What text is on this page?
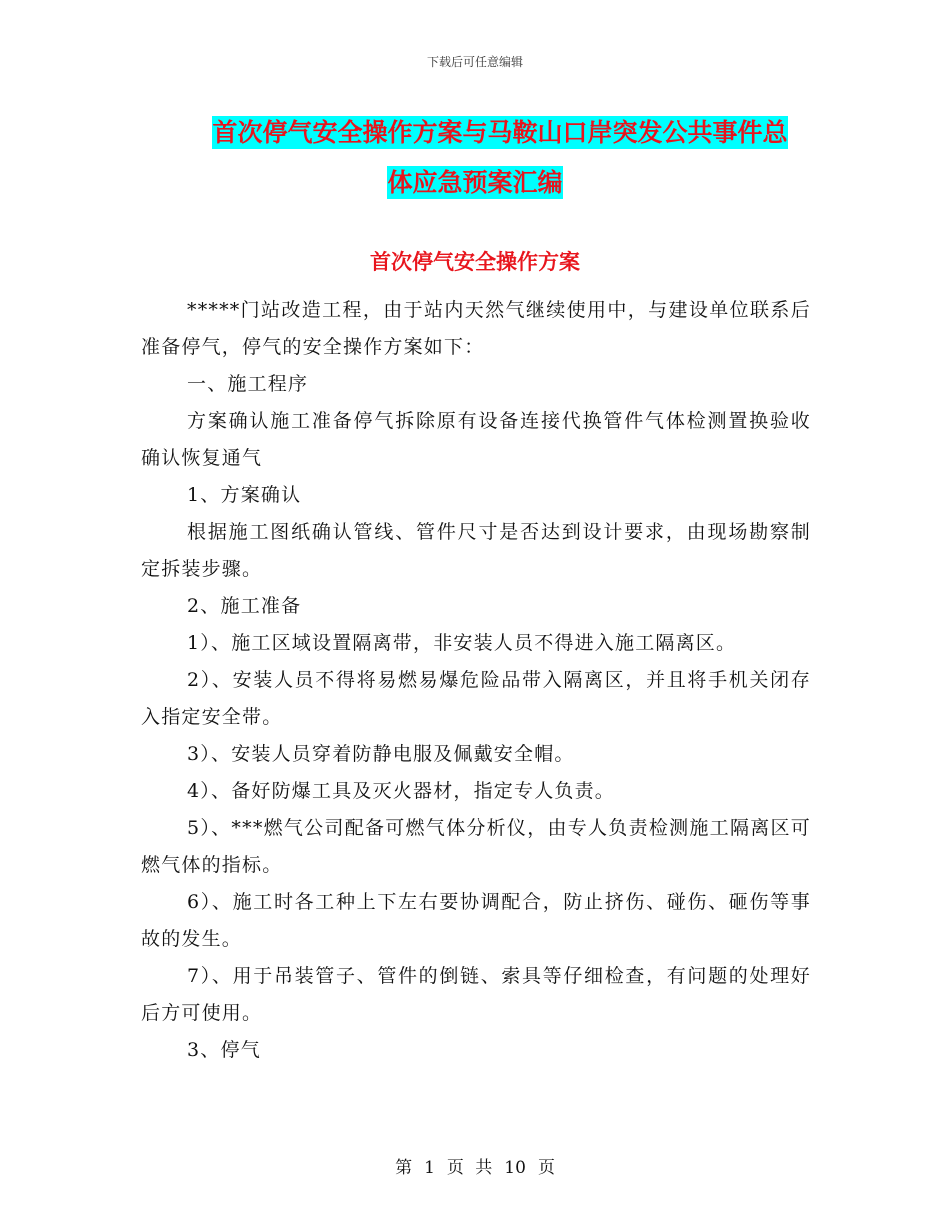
下载后可任意编辑
首次停气安全操作方案与马鞍山口岸突发公共事件总
体应急预案汇编
首次停气安全操作方案

*****门站改造工程，由于站内天然气继续使用中，与建设单位联系后准备停气，停气的安全操作方案如下：

一、施工程序

方案确认施工准备停气拆除原有设备连接代换管件气体检测置换验收确认恢复通气

1、方案确认

根据施工图纸确认管线、管件尺寸是否达到设计要求，由现场勘察制定拆装步骤。

2、施工准备

1）、施工区域设置隔离带，非安装人员不得进入施工隔离区。

2）、安装人员不得将易燃易爆危险品带入隔离区，并且将手机关闭存入指定安全带。

3）、安装人员穿着防静电服及佩戴安全帽。

4）、备好防爆工具及灭火器材，指定专人负责。

5）、***燃气公司配备可燃气体分析仪，由专人负责检测施工隔离区可燃气体的指标。

6）、施工时各工种上下左右要协调配合，防止挤伤、碰伤、砸伤等事故的发生。

7）、用于吊装管子、管件的倒链、索具等仔细检查，有问题的处理好后方可使用。

3、停气

第 1 页 共 10 页
